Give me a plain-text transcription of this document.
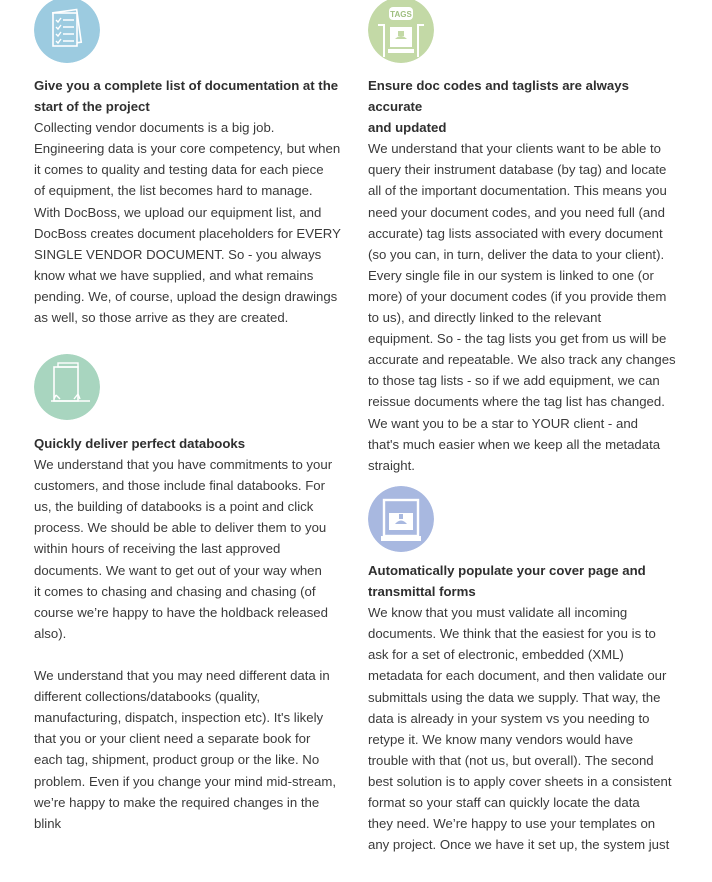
TAGS

Give you a complete list of documentation at the
start of the project

Collecting vendor documents is a big job.
Engineering data is your core competency, but when
it comes to quality and testing data for each piece
of equipment, the list becomes hard to manage.
With DocBoss, we upload our equipment list, and
DocBoss creates document placeholders for EVERY
SINGLE VENDOR DOCUMENT. So - you always
know what we have supplied, and what remains
pending. We, of course, upload the design drawings
as well, so those arrive as they are created.

Ensure doc codes and taglists are always accurate
and updated

We understand that your clients want to be able to
query their instrument database (by tag) and locate
all of the important documentation. This means you
need your document codes, and you need full (and
accurate) tag lists associated with every document
(so you can, in turn, deliver the data to your client).
Every single file in our system is linked to one (or
more) of your document codes (if you provide them
to us), and directly linked to the relevant
equipment. So - the tag lists you get from us will be
accurate and repeatable. We also track any changes
to those tag lists - so if we add equipment, we can
reissue documents where the tag list has changed.
We want you to be a star to YOUR client - and
that's much easier when we keep all the metadata
straight.

Quickly deliver perfect databooks

We understand that you have commitments to your
customers, and those include final databooks. For
us, the building of databooks is a point and click
process. We should be able to deliver them to you
within hours of receiving the last approved
documents. We want to get out of your way when
it comes to chasing and chasing and chasing (of
course we’re happy to have the holdback released
also).

We understand that you may need different data in
different collections/databooks (quality,
manufacturing, dispatch, inspection etc). It's likely
that you or your client need a separate book for
each tag, shipment, product group or the like. No
problem. Even if you change your mind mid-stream,
we’re happy to make the required changes in the
blink

Automatically populate your cover page and
transmittal forms

We know that you must validate all incoming
documents. We think that the easiest for you is to
ask for a set of electronic, embedded (XML)
metadata for each document, and then validate our
submittals using the data we supply. That way, the
data is already in your system vs you needing to
retype it. We know many vendors would have
trouble with that (not us, but overall). The second
best solution is to apply cover sheets in a consistent
format so your staff can quickly locate the data
they need. We’re happy to use your templates on
any project. Once we have it set up, the system just
